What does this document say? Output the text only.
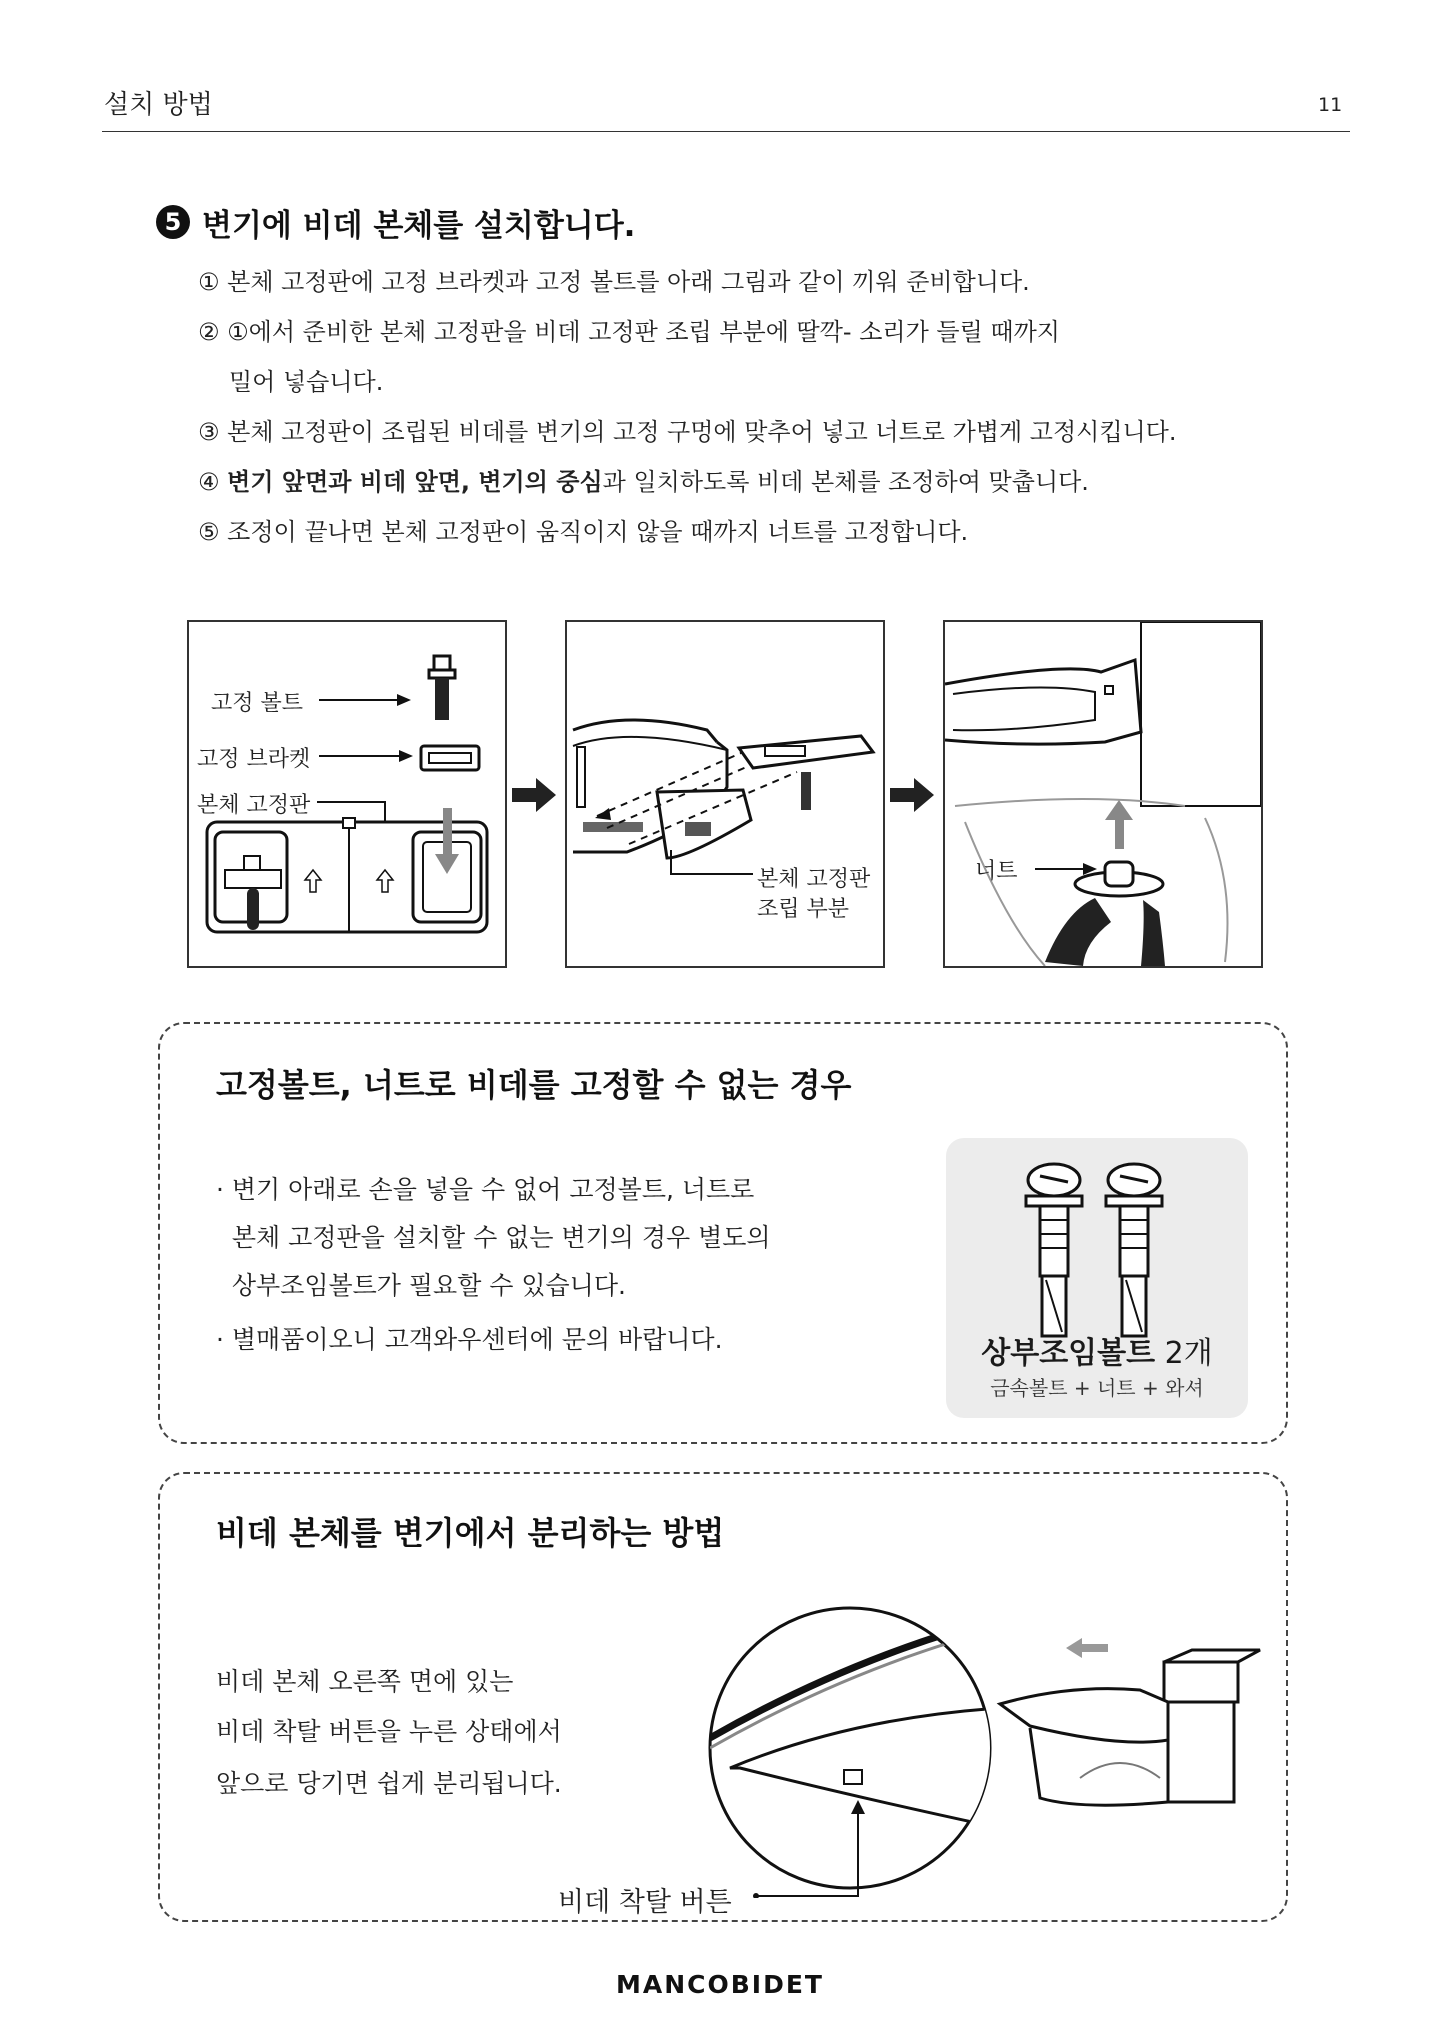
설치 방법	11
5 변기에 비데 본체를 설치합니다.
① 본체 고정판에 고정 브라켓과 고정 볼트를 아래 그림과 같이 끼워 준비합니다.
② ①에서 준비한 본체 고정판을 비데 고정판 조립 부분에 딸깍- 소리가 들릴 때까지
밀어 넣습니다.
③ 본체 고정판이 조립된 비데를 변기의 고정 구멍에 맞추어 넣고 너트로 가볍게 고정시킵니다.
④ 변기 앞면과 비데 앞면, 변기의 중심과 일치하도록 비데 본체를 조정하여 맞춥니다.
⑤ 조정이 끝나면 본체 고정판이 움직이지 않을 때까지 너트를 고정합니다.
고정 볼트
고정 브라켓
본체 고정판
본체 고정판
조립 부분
너트
고정볼트, 너트로 비데를 고정할 수 없는 경우
· 변기 아래로 손을 넣을 수 없어 고정볼트, 너트로
본체 고정판을 설치할 수 없는 변기의 경우 별도의
상부조임볼트가 필요할 수 있습니다.
· 별매품이오니 고객와우센터에 문의 바랍니다.	상부조임볼트 2개
금속볼트 + 너트 + 와셔
비데 본체를 변기에서 분리하는 방법
비데 본체 오른쪽 면에 있는
비데 착탈 버튼을 누른 상태에서
앞으로 당기면 쉽게 분리됩니다.
비데 착탈 버튼
MANCOBIDET
